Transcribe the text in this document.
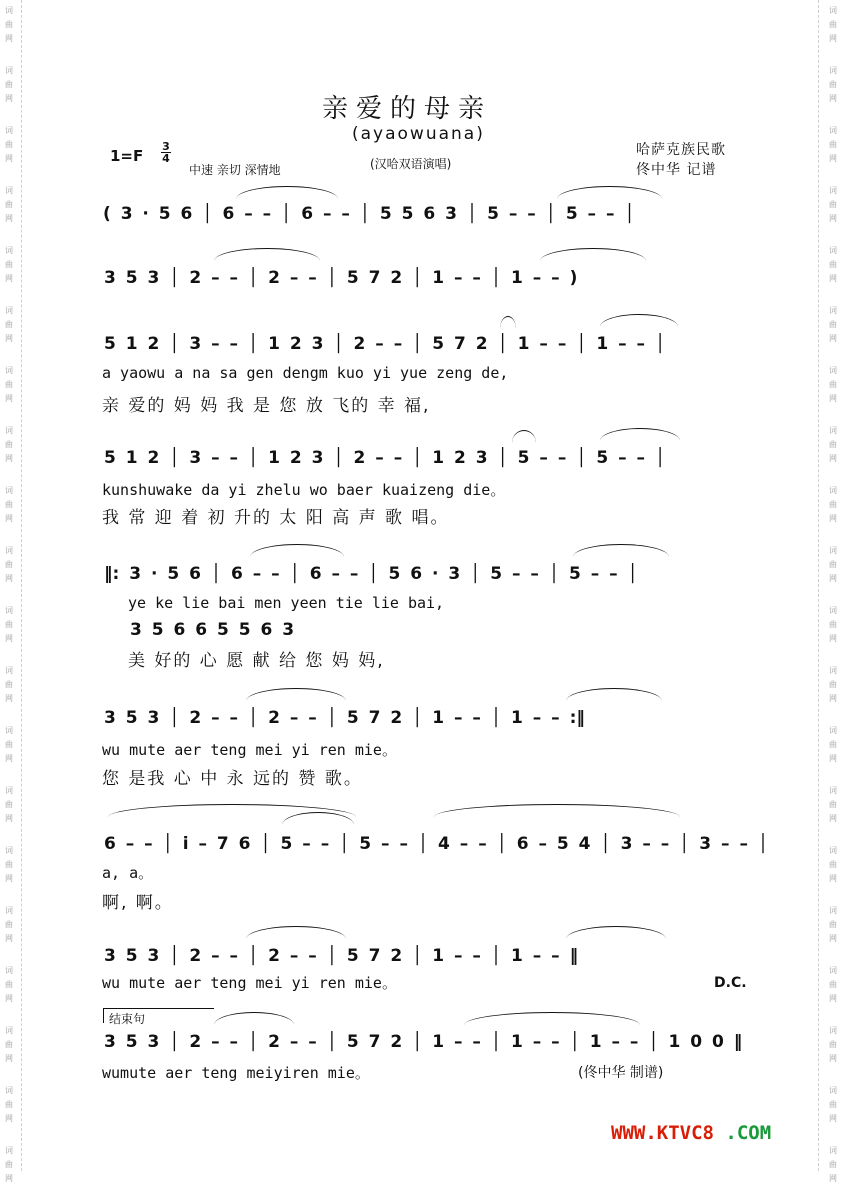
词
曲
网
词
曲
网
词
曲
网
词
曲
网
词
曲
网
词
曲
网
词
曲
网
词
曲
网
词
曲
网
词
曲
网
词
曲
网
词
曲
网
词
曲
网
词
曲
网
词
曲
网
词
曲
网
词
曲
网
词
曲
网
词
曲
网
词
曲
网
词
曲
网
词
曲
网
词
曲
网
词
曲
网
词
曲
网
词
曲
网
词
曲
网
词
曲
网
词
曲
网
词
曲
网
词
曲
网
词
曲
网
词
曲
网
词
曲
网
词
曲
网
词
曲
网
词
曲
网
词
曲
网
词
曲
网
词
曲
网
亲爱的母亲
(ayaowuana)
(汉哈双语演唱)
1=F
3
4
中速 亲切 深情地
哈萨克族民歌
佟中华 记谱
( 3 · 5 6 │ 6 – – │ 6 – – │ 5 5 6 3 │ 5 – – │ 5 – – │
3 5 3 │ 2 – – │ 2 – – │ 5 7 2 │ 1 – – │ 1 – – )
5 1 2 │ 3 – – │ 1 2 3 │ 2 – – │ 5 7 2 │ 1 – – │ 1 – – │
a yaowu a na sa gen dengm kuo yi yue zeng de,
亲 爱的 妈 妈 我 是 您 放 飞的 幸 福,
5 1 2 │ 3 – – │ 1 2 3 │ 2 – – │ 1 2 3 │ 5 – – │ 5 – – │
kunshuwake da yi zhelu wo baer kuaizeng die。
我 常 迎 着 初 升的 太 阳 高 声 歌 唱。
‖: 3 · 5 6 │ 6 – – │ 6 – – │ 5 6 · 3 │ 5 – – │ 5 – – │
ye ke lie bai men yeen tie lie bai,
3 5 6 6 5 5 6 3
美 好的 心 愿 献 给 您 妈 妈,
3 5 3 │ 2 – – │ 2 – – │ 5 7 2 │ 1 – – │ 1 – – :‖
wu mute aer teng mei yi ren mie。
您 是我 心 中 永 远的 赞 歌。
6 – – │ i – 7 6 │ 5 – – │ 5 – – │ 4 – – │ 6 – 5 4 │ 3 – – │ 3 – – │
a, a。
啊, 啊。
3 5 3 │ 2 – – │ 2 – – │ 5 7 2 │ 1 – – │ 1 – – ‖
wu mute aer teng mei yi ren mie。	D.C.
结束句
3 5 3 │ 2 – – │ 2 – – │ 5 7 2 │ 1 – – │ 1 – – │ 1 – – │ 1 0 0 ‖
wumute aer teng meiyiren mie。	(佟中华 制谱)
WWW.KTVC8 .COM
